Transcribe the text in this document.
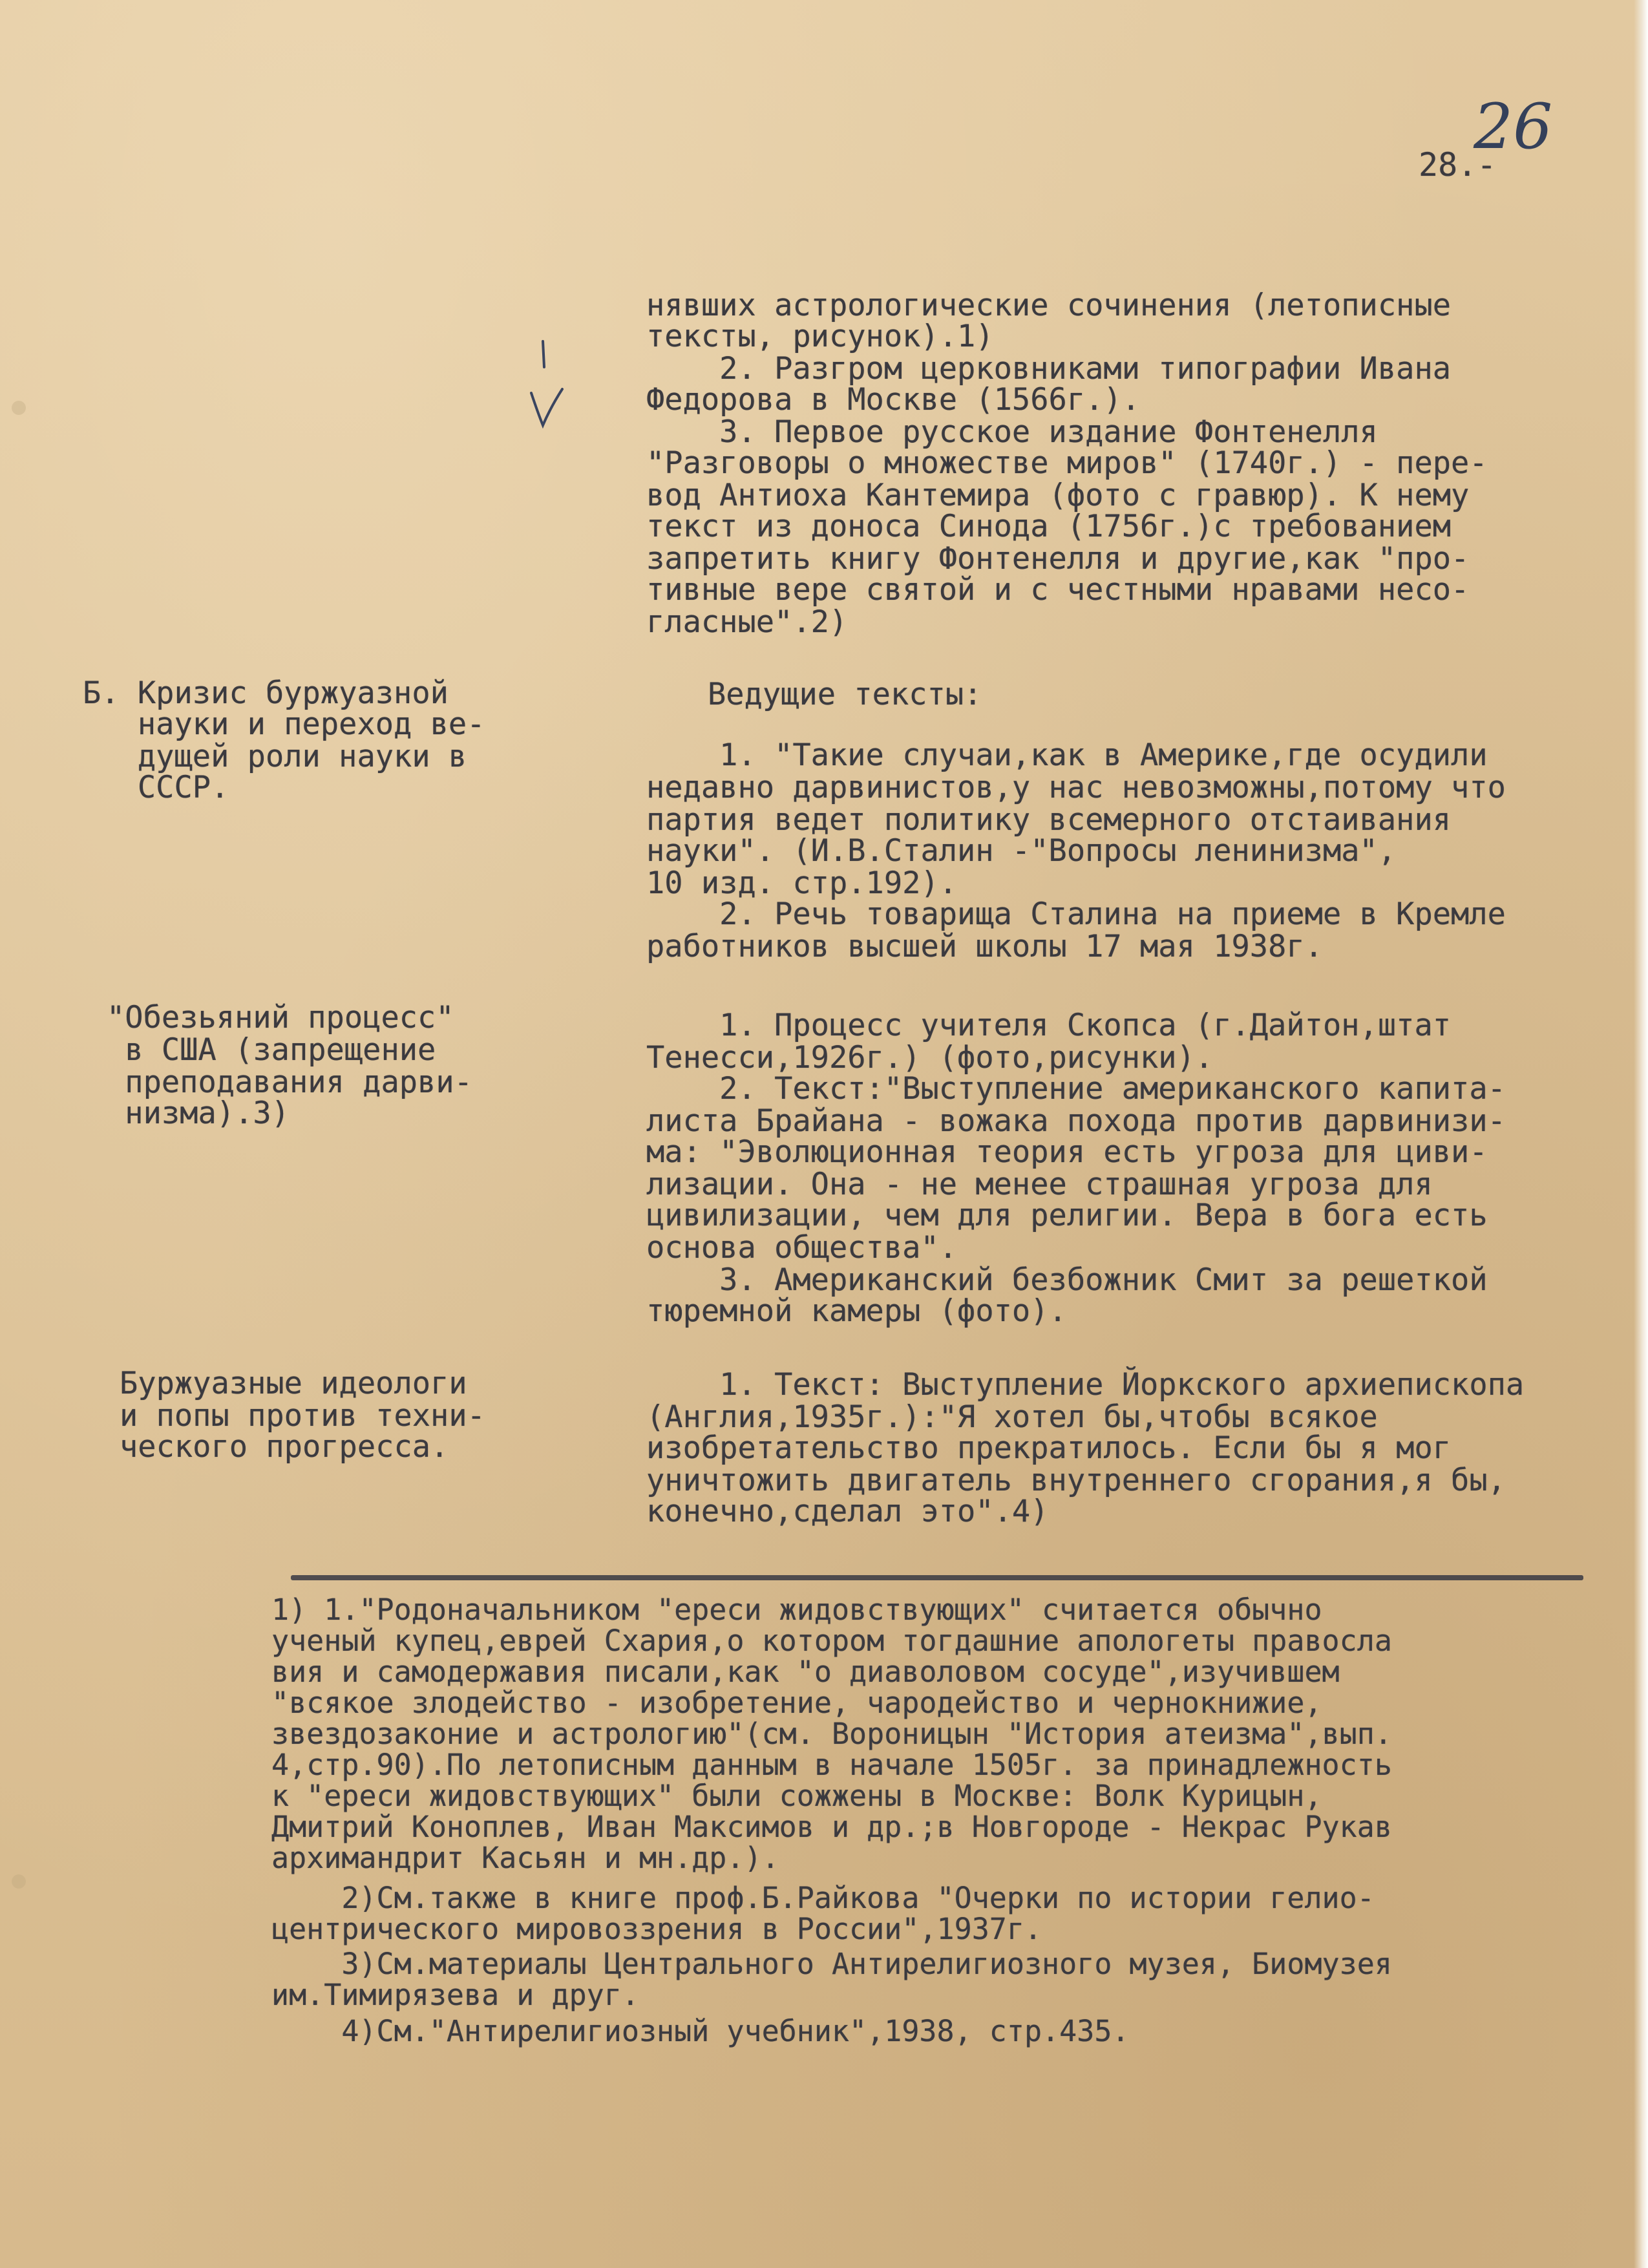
26
28.-
нявших астрологические сочинения (летописные
тексты, рисунок).1)
2. Разгром церковниками типографии Ивана
Федорова в Москве (1566г.).
3. Первое русское издание Фонтенелля
"Разговоры о множестве миров" (1740г.) - пере-
вод Антиоха Кантемира (фото с гравюр). К нему
текст из доноса Синода (1756г.)с требованием
запретить книгу Фонтенелля и другие,как "про-
тивные вере святой и с честными нравами несо-
гласные".2)
Б. Кризис буржуазной
науки и переход ве-
дущей роли науки в
СССР.
Ведущие тексты:
1. "Такие случаи,как в Америке,где осудили
недавно дарвинистов,у нас невозможны,потому что
партия ведет политику всемерного отстаивания
науки". (И.В.Сталин -"Вопросы ленинизма",
10 изд. стр.192).
2. Речь товарища Сталина на приеме в Кремле
работников высшей школы 17 мая 1938г.
"Обезьяний процесс"
в США (запрещение
преподавания дарви-
низма).3)
1. Процесс учителя Скопса (г.Дайтон,штат
Тенесси,1926г.) (фото,рисунки).
2. Текст:"Выступление американского капита-
листа Брайана - вожака похода против дарвинизи-
ма: "Эволюционная теория есть угроза для циви-
лизации. Она - не менее страшная угроза для
цивилизации, чем для религии. Вера в бога есть
основа общества".
3. Американский безбожник Смит за решеткой
тюремной камеры (фото).
Буржуазные идеологи
и попы против техни-
ческого прогресса.
1. Текст: Выступление Йоркского архиепископа
(Англия,1935г.):"Я хотел бы,чтобы всякое
изобретательство прекратилось. Если бы я мог
уничтожить двигатель внутреннего сгорания,я бы,
конечно,сделал это".4)
1) 1."Родоначальником "ереси жидовствующих" считается обычно
ученый купец,еврей Схария,о котором тогдашние апологеты правосла
вия и самодержавия писали,как "о диаволовом сосуде",изучившем
"всякое злодейство - изобретение, чародейство и чернокнижие,
звездозаконие и астрологию"(см. Вороницын "История атеизма",вып.
4,стр.90).По летописным данным в начале 1505г. за принадлежность
к "ереси жидовствующих" были сожжены в Москве: Волк Курицын,
Дмитрий Коноплев, Иван Максимов и др.;в Новгороде - Некрас Рукав
архимандрит Касьян и мн.др.).
2)См.также в книге проф.Б.Райкова "Очерки по истории гелио-
центрического мировоззрения в России",1937г.
3)См.материалы Центрального Антирелигиозного музея, Биомузея
им.Тимирязева и друг.
4)См."Антирелигиозный учебник",1938, стр.435.
